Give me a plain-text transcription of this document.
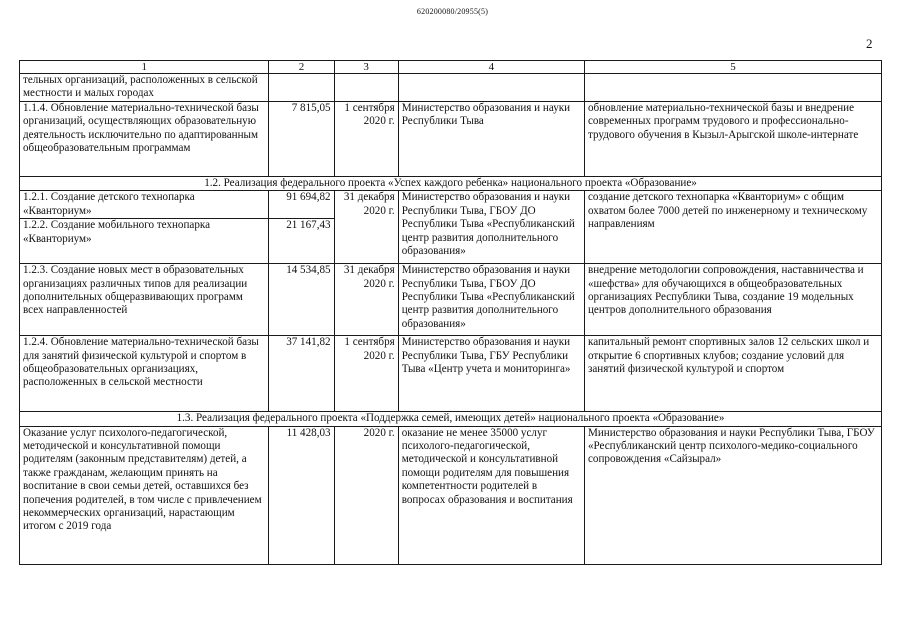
620200080/20955(5)
2
1	2	3	4	5
тельных организаций, расположенных в сельской местности и малых городах				
1.1.4. Обновление материально-технической базы организаций, осуществляющих образовательную деятельность исключительно по адаптированным общеобразовательным программам	7 815,05	1 сентября 2020 г.	Министерство образования и науки Республики Тыва	обновление материально-технической базы и внедрение современных программ трудового и профессионально-трудового обучения в Кызыл-Арыгской школе-интернате
1.2. Реализация федерального проекта «Успех каждого ребенка» национального проекта «Образование»				
1.2.1. Создание детского технопарка «Кванториум»	91 694,82	31 декабря 2020 г.	Министерство образования и науки Республики Тыва, ГБОУ ДО Республики Тыва «Республиканский центр развития дополнительного образования»	создание детского технопарка «Кванториум» с общим охватом более 7000 детей по инженерному и техническому направлениям
1.2.2. Создание мобильного технопарка «Кванториум»	21 167,43			
1.2.3. Создание новых мест в образовательных организациях различных типов для реализации дополнительных общеразвивающих программ всех направленностей	14 534,85	31 декабря 2020 г.	Министерство образования и науки Республики Тыва, ГБОУ ДО Республики Тыва «Республиканский центр развития дополнительного образования»	внедрение методологии сопровождения, наставничества и «шефства» для обучающихся в общеобразовательных организациях Республики Тыва, создание 19 модельных центров дополнительного образования
1.2.4. Обновление материально-технической базы для занятий физической культурой и спортом в общеобразовательных организациях, расположенных в сельской местности	37 141,82	1 сентября 2020 г.	Министерство образования и науки Республики Тыва, ГБУ Республики Тыва «Центр учета и мониторинга»	капитальный ремонт спортивных залов 12 сельских школ и открытие 6 спортивных клубов; создание условий для занятий физической культурой и спортом
1.3. Реализация федерального проекта «Поддержка семей, имеющих детей» национального проекта «Образование»				
Оказание услуг психолого-педагогической, методической и консультативной помощи родителям (законным представителям) детей, а также гражданам, желающим принять на воспитание в свои семьи детей, оставшихся без попечения родителей, в том числе с привлечением некоммерческих организаций, нарастающим итогом с 2019 года	11 428,03	2020 г.	оказание не менее 35000 услуг психолого-педагогической, методической и консультативной помощи родителям для повышения компетентности родителей в вопросах образования и воспитания	Министерство образования и науки Республики Тыва, ГБОУ «Республиканский центр психолого-медико-социального сопровождения «Сайзырал»
